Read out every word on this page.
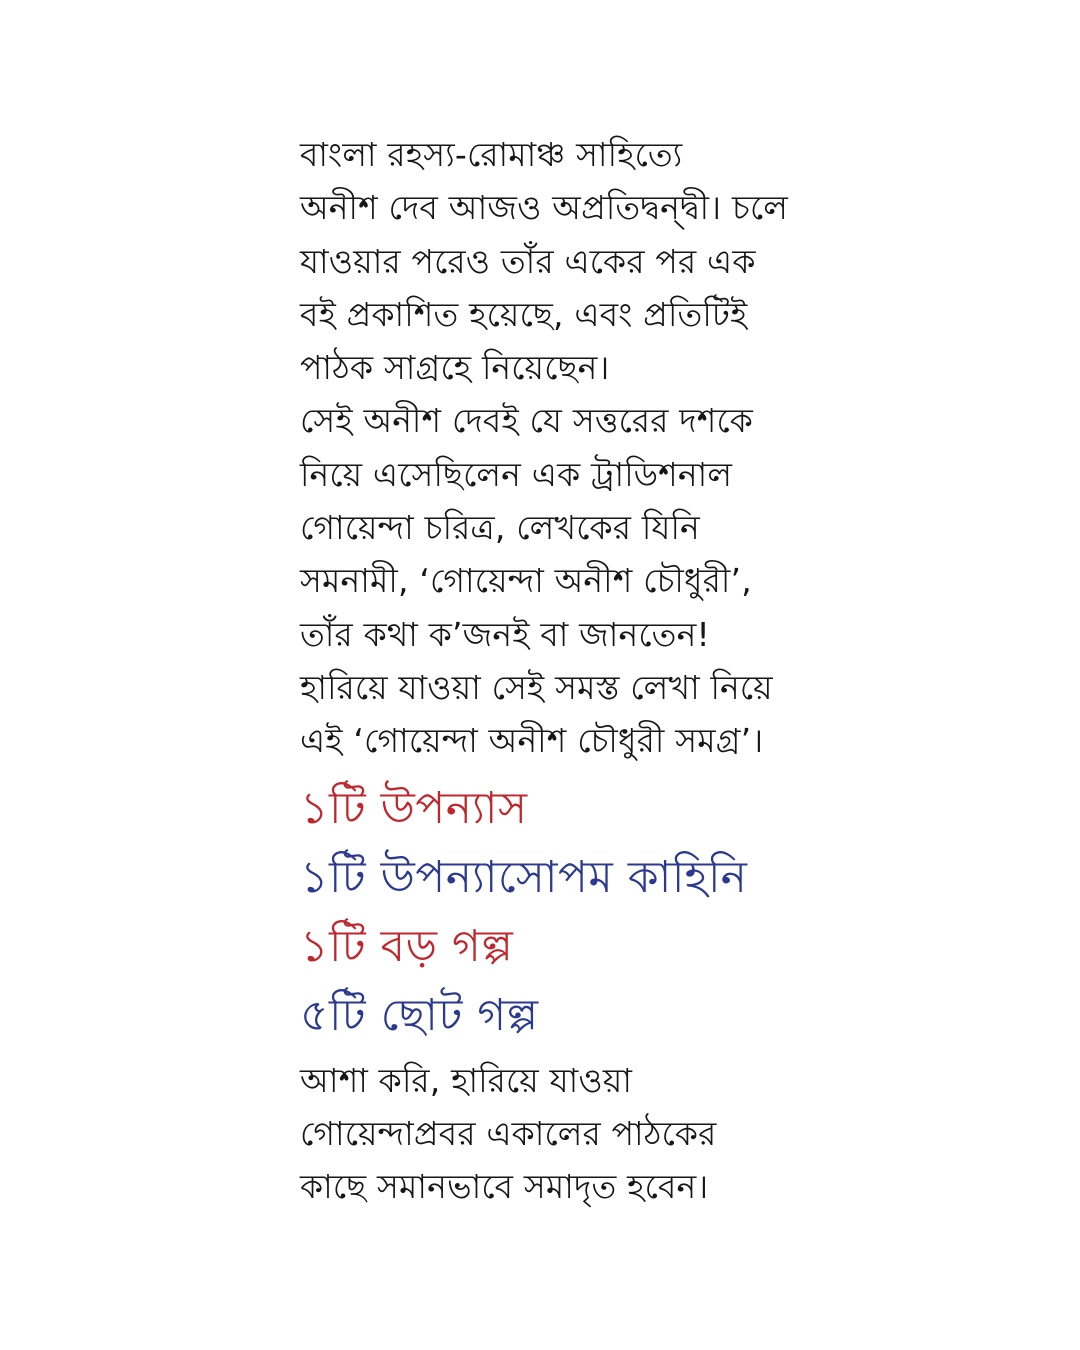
বাংলা রহস্য-রোমাঞ্চ সাহিত্যে
অনীশ দেব আজও অপ্রতিদ্বন্দ্বী। চলে
যাওয়ার পরেও তাঁর একের পর এক
বই প্রকাশিত হয়েছে, এবং প্রতিটিই
পাঠক সাগ্রহে নিয়েছেন।
সেই অনীশ দেবই যে সত্তরের দশকে
নিয়ে এসেছিলেন এক ট্রাডিশনাল
গোয়েন্দা চরিত্র, লেখকের যিনি
সমনামী, ‘গোয়েন্দা অনীশ চৌধুরী’,
তাঁর কথা ক’জনই বা জানতেন!
হারিয়ে যাওয়া সেই সমস্ত লেখা নিয়ে
এই ‘গোয়েন্দা অনীশ চৌধুরী সমগ্র’।
১টি উপন্যাস
১টি উপন্যাসোপম কাহিনি
১টি বড় গল্প
৫টি ছোট গল্প
আশা করি, হারিয়ে যাওয়া
গোয়েন্দাপ্রবর একালের পাঠকের
কাছে সমানভাবে সমাদৃত হবেন।
